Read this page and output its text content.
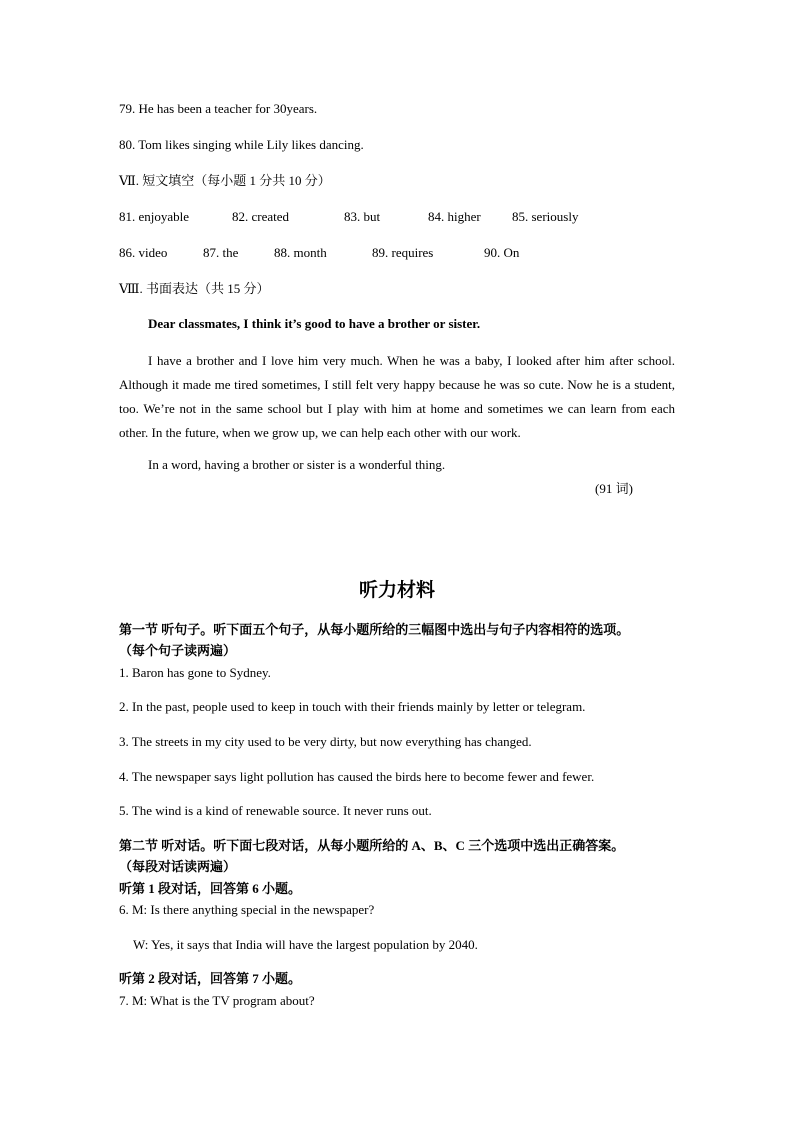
79. He has been a teacher for 30years.
80. Tom likes singing while Lily likes dancing.
Ⅶ. 短文填空（每小题 1 分共 10 分）
81. enjoyable	82. created	83. but	84. higher 85. seriously
86. video	87. the	88. month	89. requires	90. On
Ⅷ. 书面表达（共 15 分）
Dear classmates, I think it’s good to have a brother or sister.
I have a brother and I love him very much. When he was a baby, I looked after him after school. Although it made me tired sometimes, I still felt very happy because he was so cute. Now he is a student, too. We’re not in the same school but I play with him at home and sometimes we can learn from each other. In the future, when we grow up, we can help each other with our work.
In a word, having a brother or sister is a wonderful thing.
(91 词)
听力材料
第一节 听句子。听下面五个句子，从每小题所给的三幅图中选出与句子内容相符的选项。
（每个句子读两遍）
1. Baron has gone to Sydney.
2. In the past, people used to keep in touch with their friends mainly by letter or telegram.
3. The streets in my city used to be very dirty, but now everything has changed.
4. The newspaper says light pollution has caused the birds here to become fewer and fewer.
5. The wind is a kind of renewable source. It never runs out.
第二节 听对话。听下面七段对话，从每小题所给的 A、B、C 三个选项中选出正确答案。
（每段对话读两遍）
听第 1 段对话，回答第 6 小题。
6. M: Is there anything special in the newspaper?
W: Yes, it says that India will have the largest population by 2040.
听第 2 段对话，回答第 7 小题。
7. M: What is the TV program about?
